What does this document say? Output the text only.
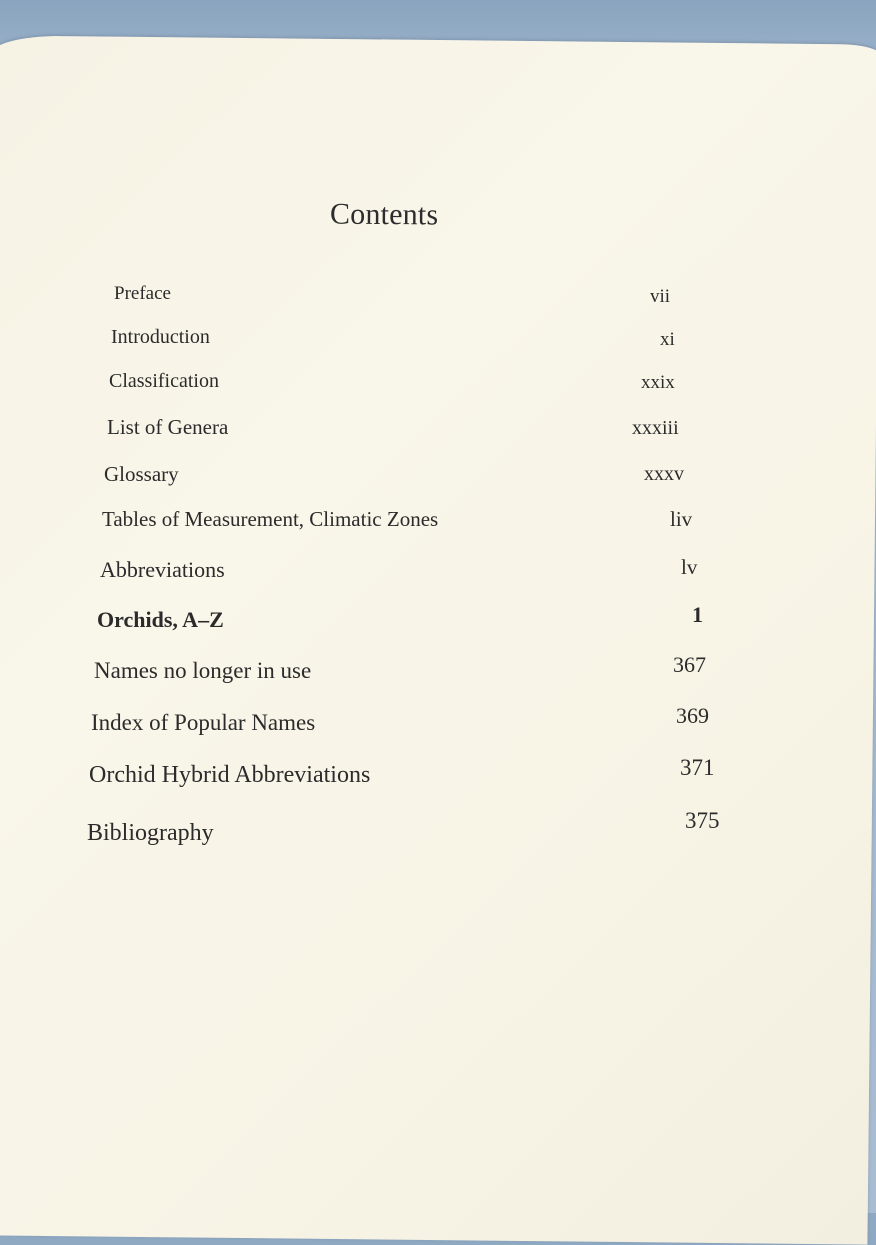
Contents
Preface	vii
Introduction	xi
Classification	xxix
List of Genera	xxxiii
Glossary	xxxv
Tables of Measurement, Climatic Zones	liv
Abbreviations	lv
Orchids, A–Z	1
Names no longer in use	367
Index of Popular Names	369
Orchid Hybrid Abbreviations	371
Bibliography	375
